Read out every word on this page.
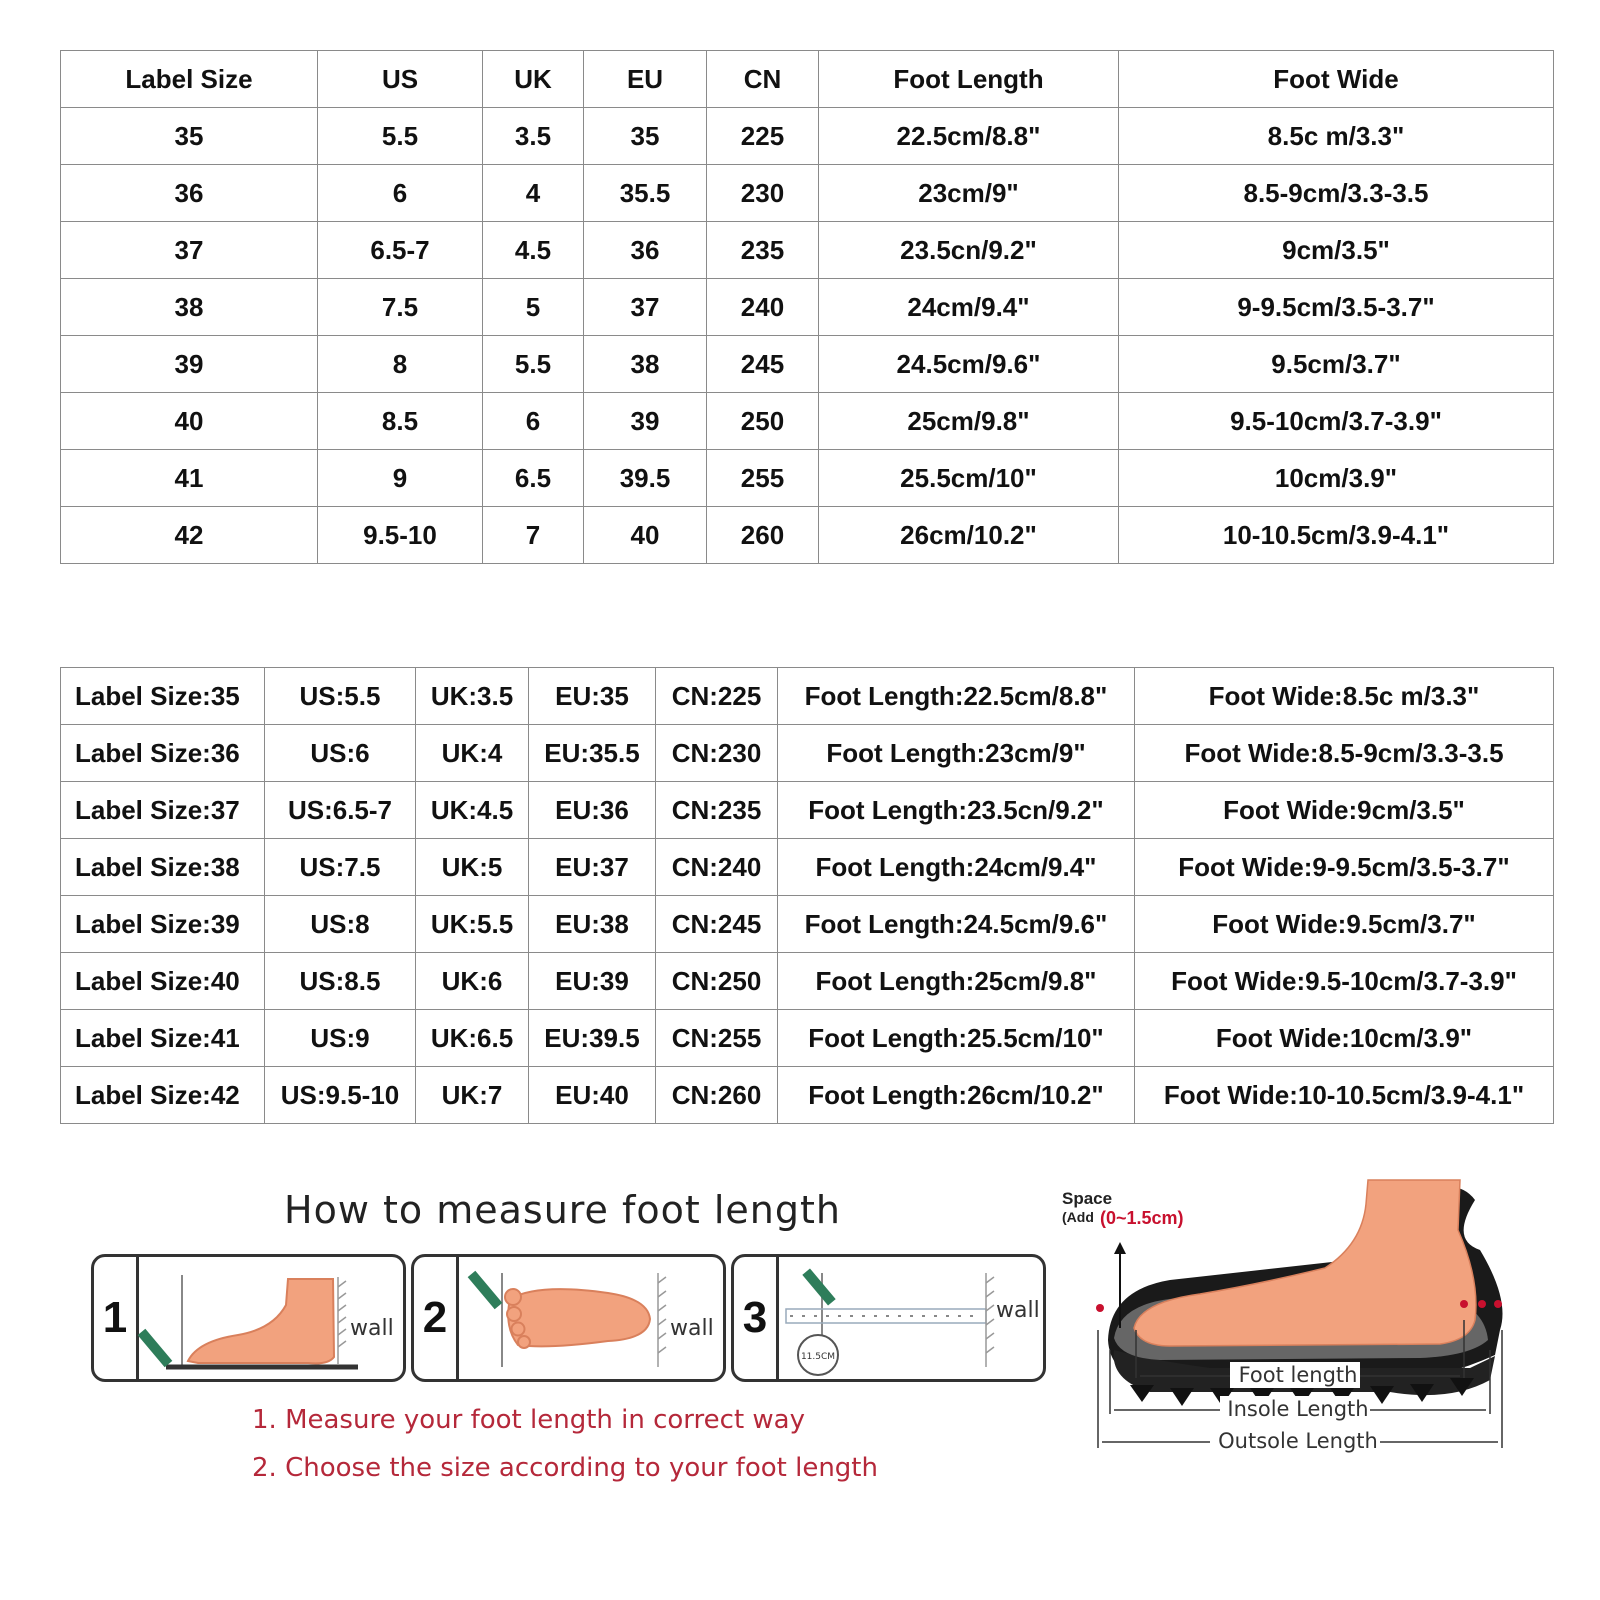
Label Size	US	UK	EU	CN	Foot Length	Foot Wide
35	5.5	3.5	35	225	22.5cm/8.8"	8.5c m/3.3"
36	6	4	35.5	230	23cm/9"	8.5-9cm/3.3-3.5
37	6.5-7	4.5	36	235	23.5cn/9.2"	9cm/3.5"
38	7.5	5	37	240	24cm/9.4"	9-9.5cm/3.5-3.7"
39	8	5.5	38	245	24.5cm/9.6"	9.5cm/3.7"
40	8.5	6	39	250	25cm/9.8"	9.5-10cm/3.7-3.9"
41	9	6.5	39.5	255	25.5cm/10"	10cm/3.9"
42	9.5-10	7	40	260	26cm/10.2"	10-10.5cm/3.9-4.1"
Label Size:35	US:5.5	UK:3.5	EU:35	CN:225	Foot Length:22.5cm/8.8"	Foot Wide:8.5c m/3.3"
Label Size:36	US:6	UK:4	EU:35.5	CN:230	Foot Length:23cm/9"	Foot Wide:8.5-9cm/3.3-3.5
Label Size:37	US:6.5-7	UK:4.5	EU:36	CN:235	Foot Length:23.5cn/9.2"	Foot Wide:9cm/3.5"
Label Size:38	US:7.5	UK:5	EU:37	CN:240	Foot Length:24cm/9.4"	Foot Wide:9-9.5cm/3.5-3.7"
Label Size:39	US:8	UK:5.5	EU:38	CN:245	Foot Length:24.5cm/9.6"	Foot Wide:9.5cm/3.7"
Label Size:40	US:8.5	UK:6	EU:39	CN:250	Foot Length:25cm/9.8"	Foot Wide:9.5-10cm/3.7-3.9"
Label Size:41	US:9	UK:6.5	EU:39.5	CN:255	Foot Length:25.5cm/10"	Foot Wide:10cm/3.9"
Label Size:42	US:9.5-10	UK:7	EU:40	CN:260	Foot Length:26cm/10.2"	Foot Wide:10-10.5cm/3.9-4.1"
How to measure foot length
1	wall 2	wall 3
11.5CM
wall
1. Measure your foot length in correct way
2. Choose the size according to your foot length
Space
(Add (0~1.5cm)
Foot length
Insole Length
Outsole Length
